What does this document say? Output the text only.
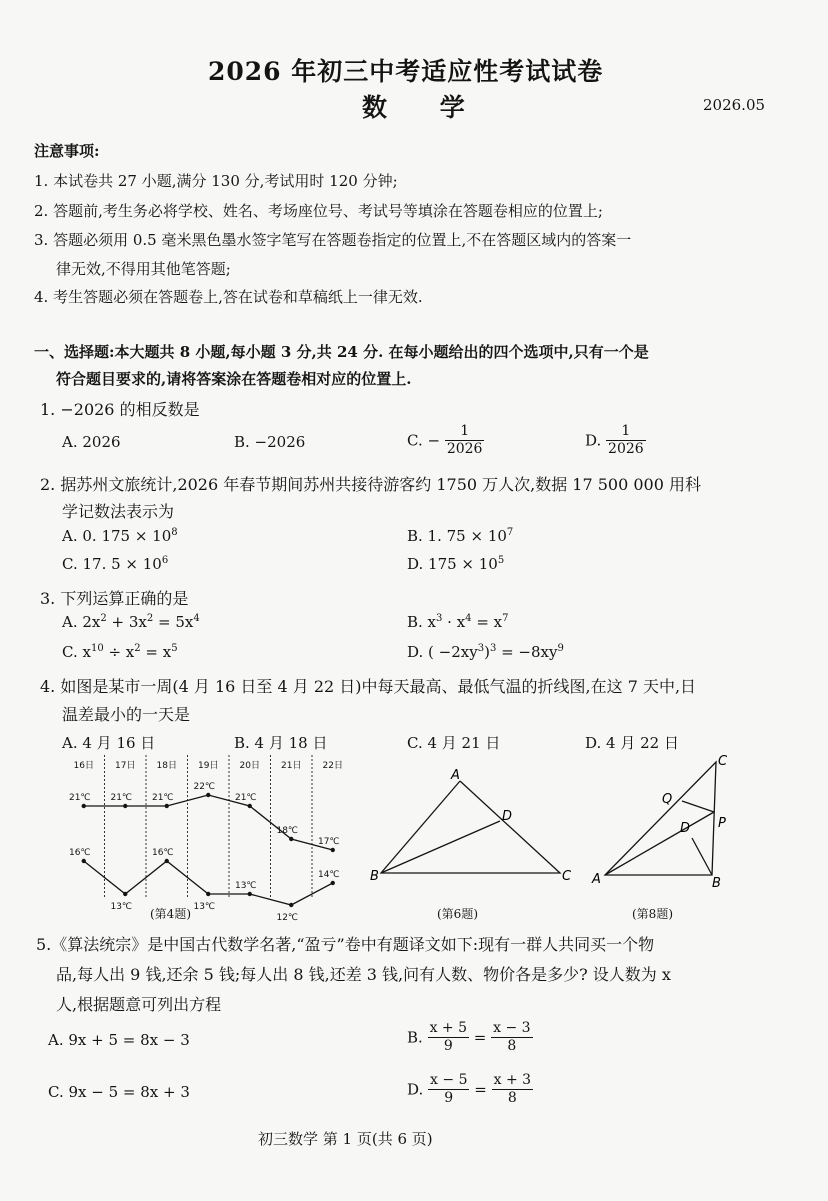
2026 年初三中考适应性考试试卷
数 学	2026.05
注意事项:
1. 本试卷共 27 小题,满分 130 分,考试用时 120 分钟;
2. 答题前,考生务必将学校、姓名、考场座位号、考试号等填涂在答题卷相应的位置上;
3. 答题必须用 0.5 毫米黑色墨水签字笔写在答题卷指定的位置上,不在答题区域内的答案一
律无效,不得用其他笔答题;
4. 考生答题必须在答题卷上,答在试卷和草稿纸上一律无效.
一、选择题:本大题共 8 小题,每小题 3 分,共 24 分. 在每小题给出的四个选项中,只有一个是
符合题目要求的,请将答案涂在答题卷相对应的位置上.
1. −2026 的相反数是
A. 2026	B. −2026	C. − $\frac{1}{2026}$	D. $\frac{1}{2026}$
2. 据苏州文旅统计,2026 年春节期间苏州共接待游客约 1750 万人次,数据 17 500 000 用科
学记数法表示为
A. 0. $175 \times 10^8$	B. 1. $75 \times 10^7$
C. 17. $5 \times 10^6$	D. $175 \times 10^5$
3. 下列运算正确的是
A. $2x^2 + 3x^2 = 5x^4$	B. $x^3 \cdot x^4 = x^7$
C. $x^{10} \div x^2 = x^5$	D. ( $-2xy^3)^3 = -8xy^9$
4. 如图是某市一周(4 月 16 日至 4 月 22 日)中每天最高、最低气温的折线图,在这 7 天中,日
温差最小的一天是
A. 4 月 16 日	B. 4 月 18 日	C. 4 月 21 日	D. 4 月 22 日
16日 17日 18日 19日 20日 21日 22日
21℃ 21℃ 21℃
22℃
21℃
18℃
17℃
16℃
13℃
16℃
13℃
13℃
12℃
14℃
(第4题)
A
B	C
D
(第6题)
C
Q
D P
A	B
(第8题)
5.《算法统宗》是中国古代数学名著,“盈亏”卷中有题译文如下:现有一群人共同买一个物
品,每人出 9 钱,还余 5 钱;每人出 8 钱,还差 3 钱,问有人数、物价各是多少? 设人数为 x
人,根据题意可列出方程
A. 9x + 5 = 8x − 3	B. $\frac{x + 5}{9} = \frac{x - 3}{8}$
C. 9x − 5 = 8x + 3	D. $\frac{x - 5}{9} = \frac{x + 3}{8}$
初三数学 第 1 页(共 6 页)
